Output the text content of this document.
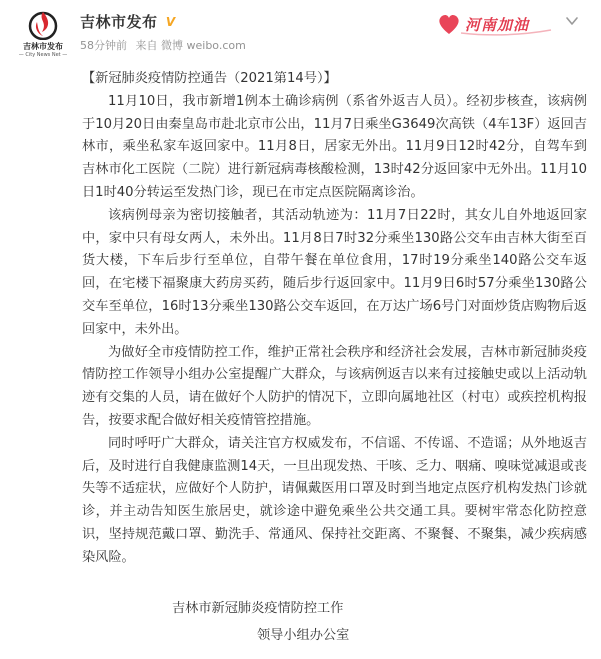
吉林市发布
— City News Net —
吉林市发布 V
58分钟前 来自 微博 weibo.com
河南加油
【新冠肺炎疫情防控通告（2021第14号）】

11月10日，我市新增1例本土确诊病例（系省外返吉人员）。经初步核查，该病例于10月20日由秦皇岛市赴北京市公出，11月7日乘坐G3649次高铁（4车13F）返回吉林市，乘坐私家车返回家中。11月8日，居家无外出。11月9日12时42分，自驾车到吉林市化工医院（二院）进行新冠病毒核酸检测，13时42分返回家中无外出。11月10日1时40分转运至发热门诊，现已在市定点医院隔离诊治。

该病例母亲为密切接触者，其活动轨迹为：11月7日22时，其女儿自外地返回家中，家中只有母女两人，未外出。11月8日7时32分乘坐130路公交车由吉林大街至百货大楼，下车后步行至单位，自带午餐在单位食用，17时19分乘坐140路公交车返回，在宅楼下福聚康大药房买药，随后步行返回家中。11月9日6时57分乘坐130路公交车至单位，16时13分乘坐130路公交车返回，在万达广场6号门对面炒货店购物后返回家中，未外出。

为做好全市疫情防控工作，维护正常社会秩序和经济社会发展，吉林市新冠肺炎疫情防控工作领导小组办公室提醒广大群众，与该病例返吉以来有过接触史或以上活动轨迹有交集的人员，请在做好个人防护的情况下，立即向属地社区（村屯）或疾控机构报告，按要求配合做好相关疫情管控措施。

同时呼吁广大群众，请关注官方权威发布，不信谣、不传谣、不造谣；从外地返吉后，及时进行自我健康监测14天，一旦出现发热、干咳、乏力、咽痛、嗅味觉减退或丧失等不适症状，应做好个人防护，请佩戴医用口罩及时到当地定点医疗机构发热门诊就诊，并主动告知医生旅居史，就诊途中避免乘坐公共交通工具。要树牢常态化防控意识，坚持规范戴口罩、勤洗手、常通风、保持社交距离、不聚餐、不聚集，减少疾病感染风险。

吉林市新冠肺炎疫情防控工作
领导小组办公室
